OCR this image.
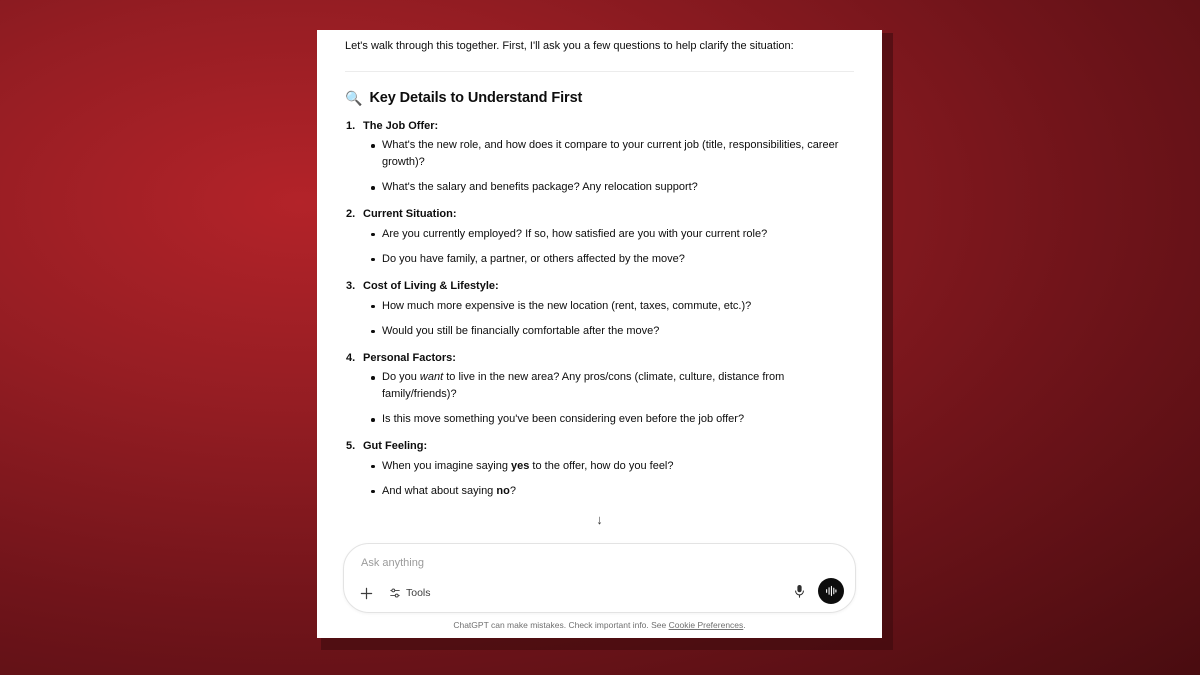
Let's walk through this together. First, I'll ask you a few questions to help clarify the situation:
🔍 Key Details to Understand First
The Job Offer:
What's the new role, and how does it compare to your current job (title, responsibilities, career growth)?
What's the salary and benefits package? Any relocation support?
Current Situation:
Are you currently employed? If so, how satisfied are you with your current role?
Do you have family, a partner, or others affected by the move?
Cost of Living & Lifestyle:
How much more expensive is the new location (rent, taxes, commute, etc.)?
Would you still be financially comfortable after the move?
Personal Factors:
Do you want to live in the new area? Any pros/cons (climate, culture, distance from family/friends)?
Is this move something you've been considering even before the job offer?
Gut Feeling:
When you imagine saying yes to the offer, how do you feel?
And what about saying no?
↓
Ask anything
Tools
ChatGPT can make mistakes. Check important info. See Cookie Preferences.
